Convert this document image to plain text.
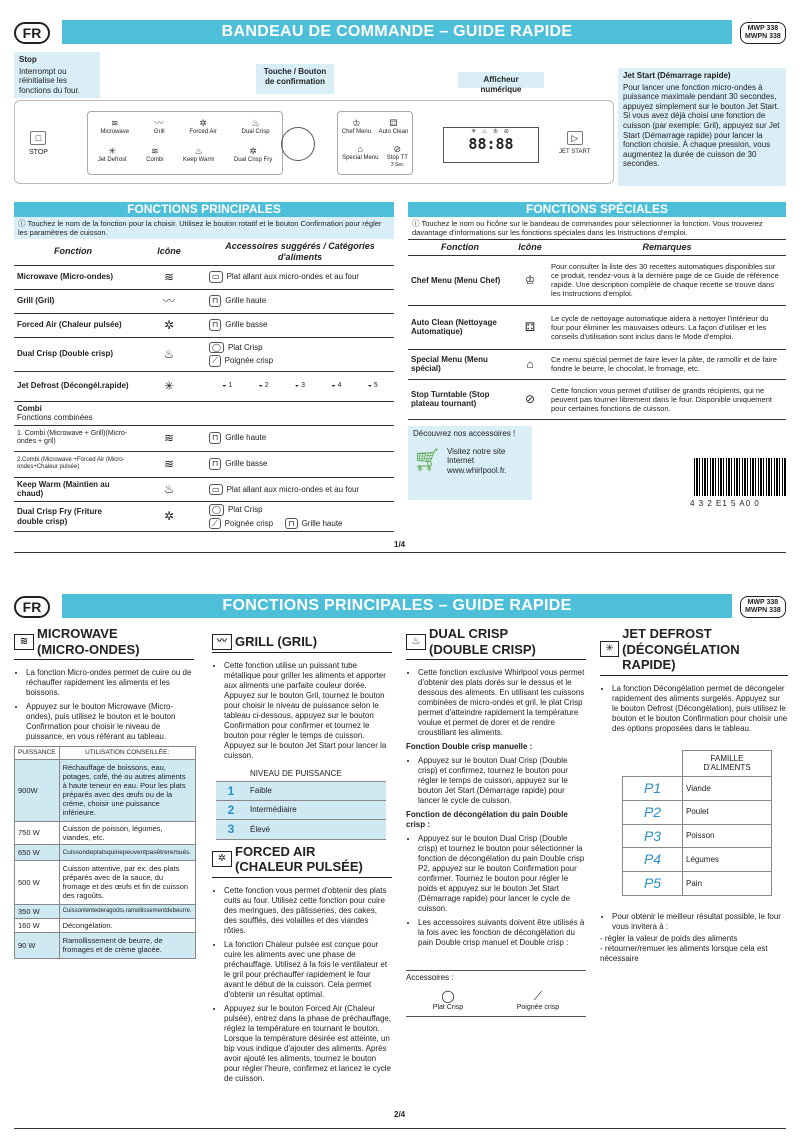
FR	BANDEAU DE COMMANDE – GUIDE RAPIDE	MWP 338
MWPN 338
Stop
Interrompt ou réinitialise les fonctions du four.
Touche / Bouton de confirmation	Afficheur numérique
Jet Start (Démarrage rapide)
Pour lancer une fonction micro-ondes à puissance maximale pendant 30 secondes, appuyez simplement sur le bouton Jet Start. Si vous avez déjà choisi une fonction de cuisson (par exemple: Gril), appuyez sur Jet Start (Démarrage rapide) pour lancer la fonction choisie. À chaque pression, vous augmentez la durée de cuisson de 30 secondes.
□
STOP
≋
Microwave
〰
Grill
✲
Forced Air
♨
Dual Crisp
✳
Jet Defrost
≋
Combi
♨
Keep Warm
✲
Dual Crisp Fry
♔
Chef Menu
⚃
Auto Clean
⌂
Special Menu
⊘
Stop TT
3 Sec
✳ ♨ ♔ ⊘
88:88	▷
JET START
FONCTIONS PRINCIPALES
ⓘ Touchez le nom de la fonction pour la choisir. Utilisez le bouton rotatif et le bouton Confirmation pour régler les paramètres de cuisson.
Fonction	Icône	Accessoires suggérés / Catégories d'aliments
Microwave (Micro-ondes)	≋	▭ Plat allant aux micro-ondes et au four
Grill (Gril)	〰	⊓ Grille haute
Forced Air (Chaleur pulsée)	✲	⊓ Grille basse
Dual Crisp (Double crisp)	♨	◯ Plat Crisp
⟋ Poignée crisp

Jet Defrost (Décongél.rapide)	✳	◒ 1 ◒ 2 ◒ 3 ◒ 4 ◒ 5

Combi
Fonctions combinées		

1. Combi (Microwave + Grill)(Micro-ondes + gril)	≋	⊓ Grille haute
2.Combi (Microwave +Forced Air (Micro-ondes+Chaleur pulsée)	≋	⊓ Grille basse
Keep Warm (Maintien au chaud)	♨	▭ Plat allant aux micro-ondes et au four
Dual Crisp Fry (Friture double crisp)	✲	◯ Plat Crisp
⟋ Poignée crisp ⊓ Grille haute
FONCTIONS SPÉCIALES
ⓘ Touchez le nom ou l'icône sur le bandeau de commandes pour sélectionner la fonction. Vous trouverez davantage d'informations sur les fonctions spéciales dans les Instructions d'emploi.
Fonction	Icône	Remarques
Chef Menu (Menu Chef)	♔	Pour consulter la liste des 30 recettes automatiques disponibles sur ce produit, rendez-vous à la dernière page de ce Guide de référence rapide. Une description complète de chaque recette se trouve dans les Instructions d'emploi.
Auto Clean (Nettoyage Automatique)	⚃	Le cycle de nettoyage automatique aidera à nettoyer l'intérieur du four pour éliminer les mauvaises odeurs. La façon d'utiliser et les conseils d'utilisation sont inclus dans le Mode d'emploi.
Special Menu (Menu spécial)	⌂	Ce menu spécial permet de faire lever la pâte, de ramollir et de faire fondre le beurre, le chocolat, le fromage, etc.
Stop Turntable (Stop plateau tournant)	⊘	Cette fonction vous permet d'utiliser de grands récipients, qui ne peuvent pas tourner librement dans le four. Disponible uniquement pour certaines fonctions de cuisson.
Découvrez nos accessoires !
🛒︎ Visitez notre site Internet www.whirlpool.fr.
4 3 2 E1 5 A0 0
1/4
FR	FONCTIONS PRINCIPALES – GUIDE RAPIDE	MWP 338
MWPN 338
≋
MICROWAVE
(MICRO-ONDES)
• La fonction Micro-ondes permet de cuire ou de réchauffer rapidement les aliments et les boissons.
• Appuyez sur le bouton Microwave (Micro-ondes), puis utilisez le bouton et le bouton Confirmation pour choisir le niveau de puissance, en vous référant au tableau.
PUISSANCE	UTILISATION CONSEILLÉE:
900W	Réchauffage de boissons, eau, potages, café, thé ou autres aliments à haute teneur en eau. Pour les plats préparés avec des œufs ou de la crème, choisir une puissance inférieure.
750 W	Cuisson de poisson, légumes, viandes, etc.
650 W	Cuissondeplatsquinepeuventpasêtreremués.
500 W	Cuisson attentive, par ex. des plats préparés avec de la sauce, du fromage et des œufs et fin de cuisson des ragoûts.
350 W	Cuissonlentederagoûts,ramollissementdebeurre.
160 W	Décongélation.
90 W	Ramollissement de beurre, de fromages et de crème glacée.
〰 GRILL (GRIL)
• Cette fonction utilise un puissant tube métallique pour griller les aliments et apporter aux aliments une parfaite couleur dorée. Appuyez sur le bouton Gril, tournez le bouton pour choisir le niveau de puissance selon le tableau ci-dessous, appuyez sur le bouton Confirmation pour confirmer et tournez le bouton pour régler le temps de cuisson. Appuyez sur le bouton Jet Start pour lancer la cuisson.
	NIVEAU DE PUISSANCE
1	Faible
2	Intermédiaire
3	Élevé
✲
FORCED AIR
(CHALEUR PULSÉE)
• Cette fonction vous permet d'obtenir des plats cuits au four. Utilisez cette fonction pour cuire des meringues, des pâtisseries, des cakes, des soufflés, des volailles et des viandes rôties.
• La fonction Chaleur pulsée est conçue pour cuire les aliments avec une phase de préchauffage. Utilisez à la fois le ventilateur et le gril pour préchauffer rapidement le four avant le début de la cuisson. Cela permet d'obtenir un résultat optimal.
• Appuyez sur le bouton Forced Air (Chaleur pulsée), entrez dans la phase de préchauffage, réglez la température en tournant le bouton. Lorsque la température désirée est atteinte, un bip vous indique d'ajouter des aliments. Après avoir ajouté les aliments, tournez le bouton pour régler l'heure, confirmez et lancez le cycle de cuisson.
♨
DUAL CRISP
(DOUBLE CRISP)
• Cette fonction exclusive Whirlpool vous permet d'obtenir des plats dorés sur le dessus et le dessous des aliments. En utilisant les cuissons combinées de micro-ondes et gril, le plat Crisp permet d'atteindre rapidement la température voulue et permet de dorer et de rendre croustillant les aliments.
Fonction Double crisp manuelle :
• Appuyez sur le bouton Dual Crisp (Double crisp) et confirmez, tournez le bouton pour régler le temps de cuisson, appuyez sur le bouton Jet Start (Démarrage rapide) pour lancer le cycle de cuisson.
Fonction de décongélation du pain Double crisp :
• Appuyez sur le bouton Dual Crisp (Double crisp) et tournez le bouton pour sélectionner la fonction de décongélation du pain Double crisp P2, appuyez sur le bouton Confirmation pour confirmer. Tournez le bouton pour régler le poids et appuyez sur le bouton Jet Start (Démarrage rapide) pour lancer le cycle de cuisson.
• Les accessoires suivants doivent être utilisés à la fois avec les fonction de décongélation du pain Double crisp manuel et Double crisp :
Accessoires :
◯
Plat Crisp
⟋
Poignée crisp
✳
JET DEFROST
(DÉCONGÉLATION RAPIDE)
• La fonction Décongélation permet de décongeler rapidement des aliments surgelés. Appuyez sur le bouton Defrost (Décongélation), puis utilisez le bouton et le bouton Confirmation pour choisir une des options proposées dans le tableau.
	FAMILLE D'ALIMENTS
P1	Viande
P2	Poulet
P3	Poisson
P4	Légumes
P5	Pain
• Pour obtenir le meilleur résultat possible, le four vous invitera à :
- régler la valeur de poids des aliments
- retourner/remuer les aliments lorsque cela est nécessaire
2/4
